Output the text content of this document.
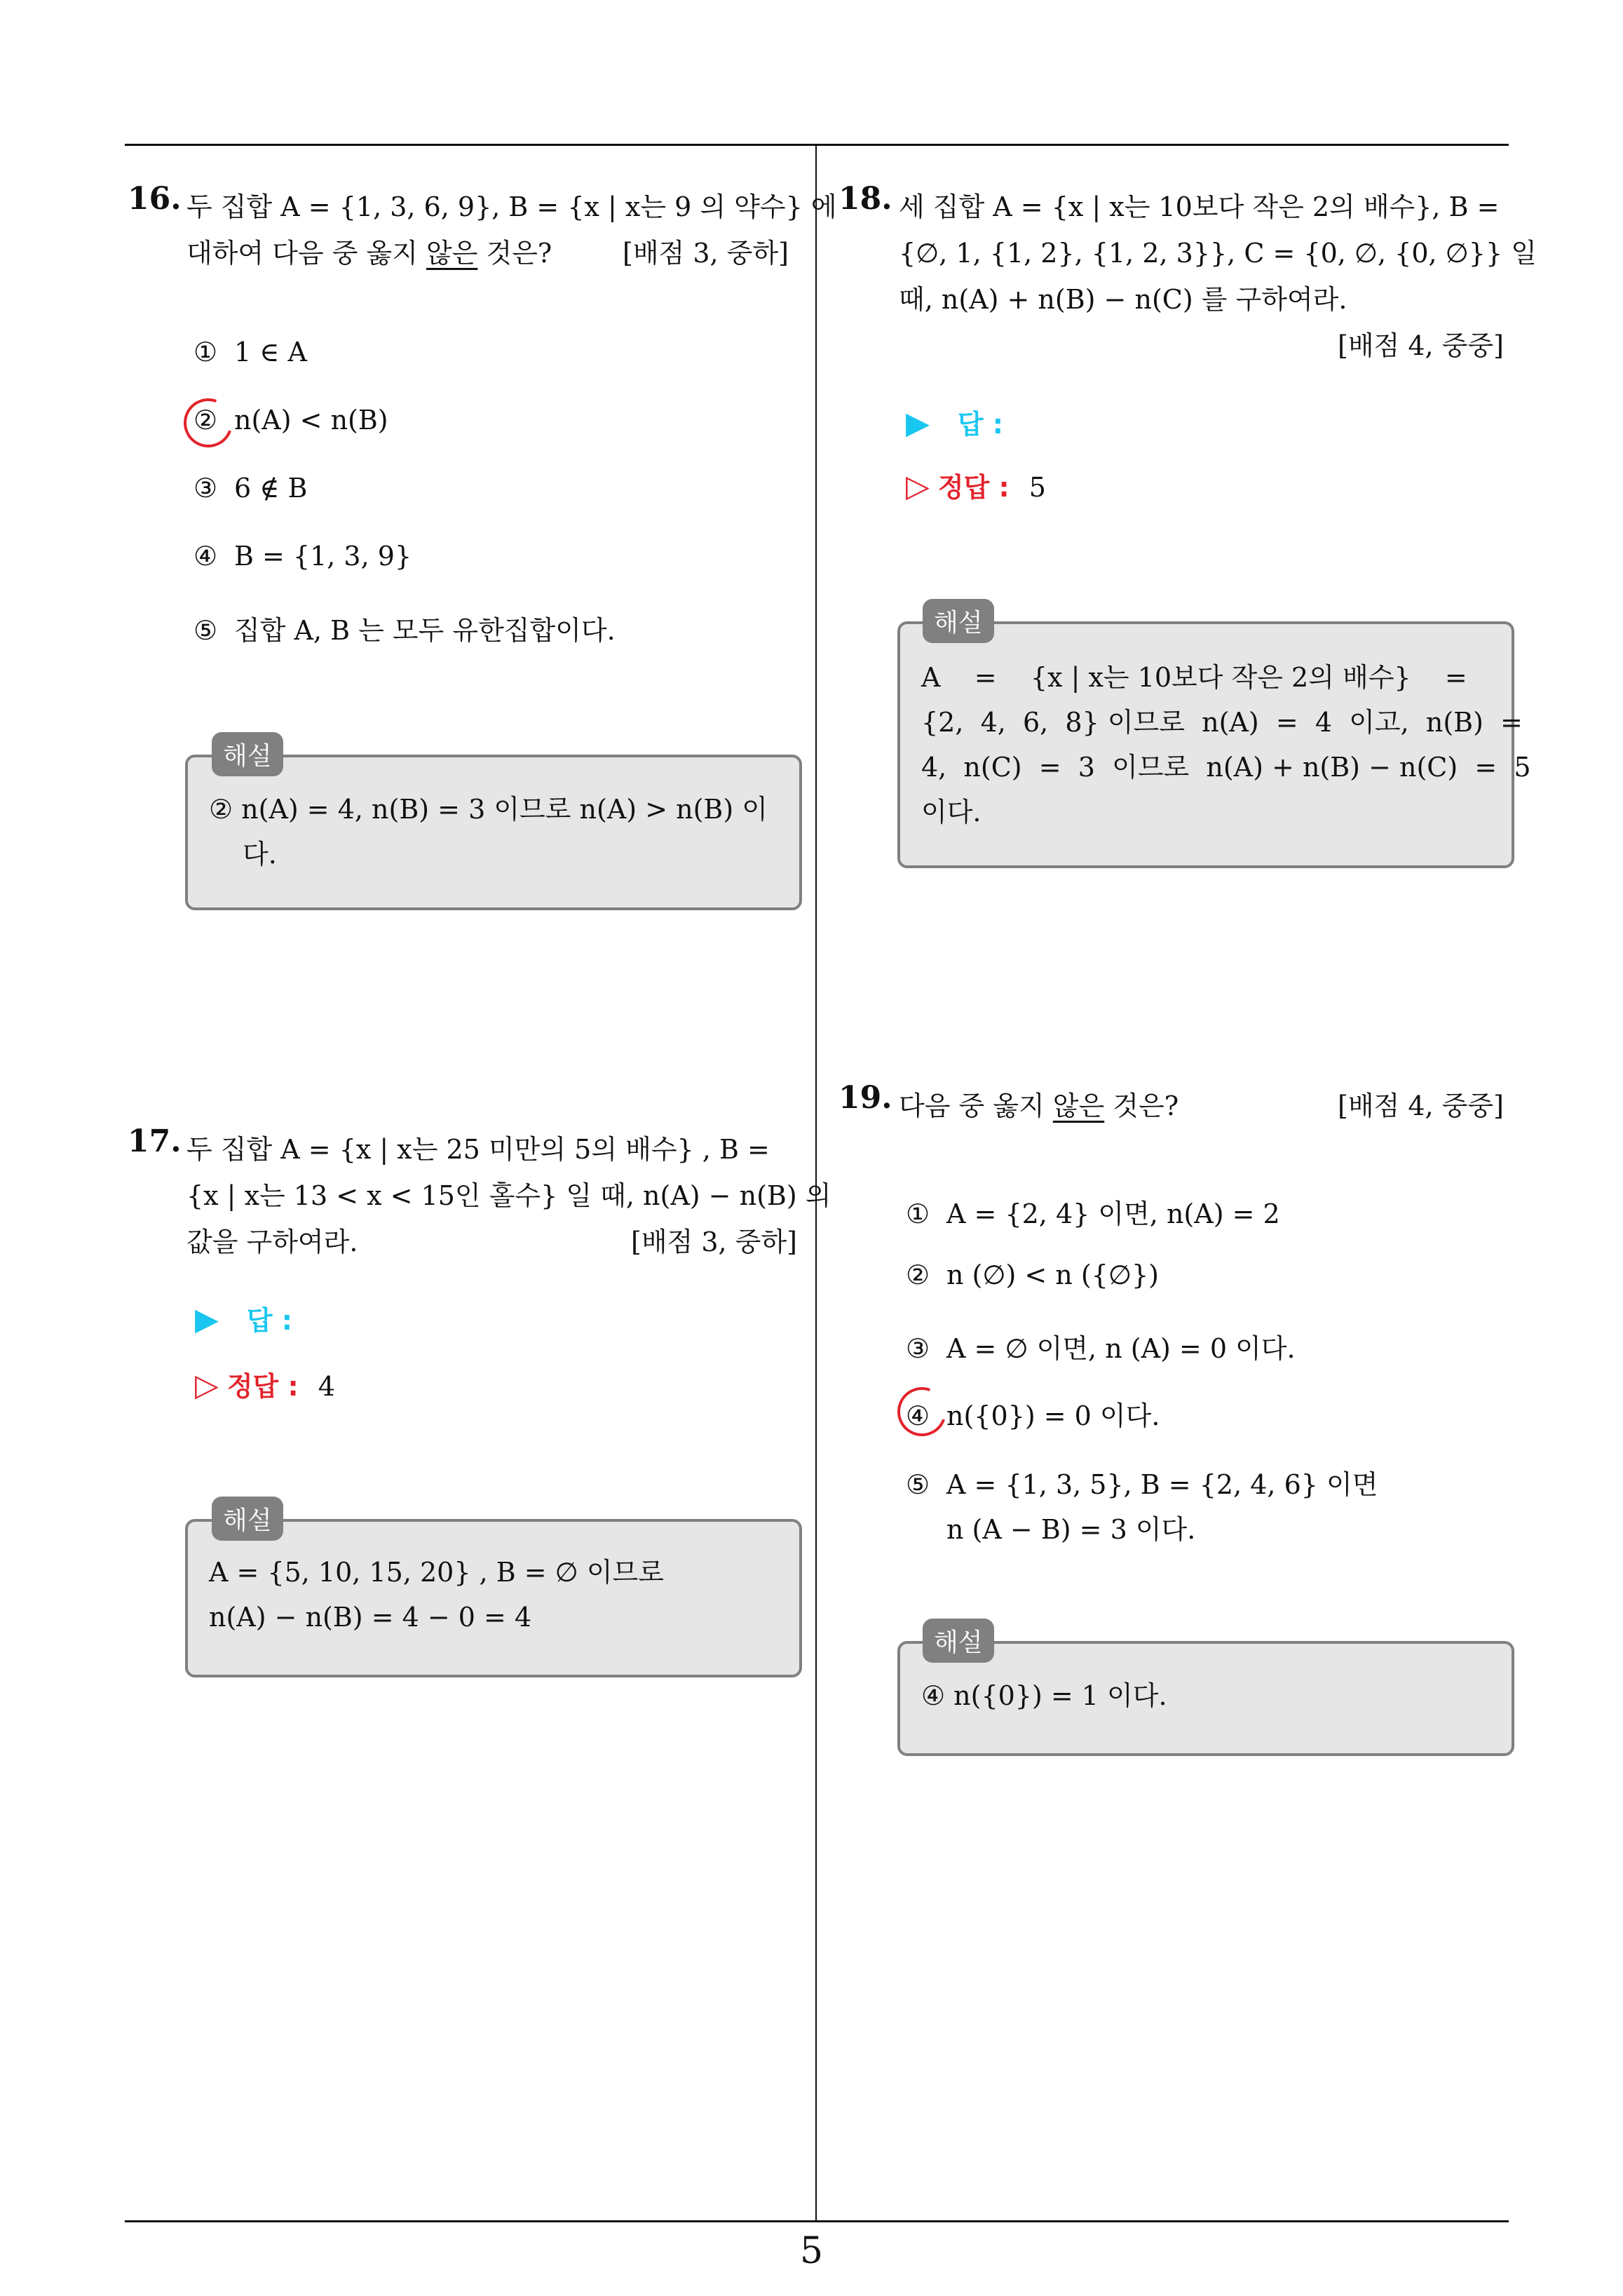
5
16. 두 집합 A = {1, 3, 6, 9}, B = {x | x는 9 의 약수} 에
대하여 다음 중 옳지 않은 것은?	[배점 3, 중하]
① 1 ∈ A
② n(A) < n(B)
③ 6 ∉ B
④ B = {1, 3, 9}
⑤ 집합 A, B 는 모두 유한집합이다.
해설
② n(A) = 4, n(B) = 3 이므로 n(A) > n(B) 이
다.
17. 두 집합 A = {x | x는 25 미만의 5의 배수} , B =
{x | x는 13 < x < 15인 홀수} 일 때, n(A) − n(B) 의
값을 구하여라.	[배점 3, 중하]
▶ 답 :
▷ 정답 : 4
해설
A = {5, 10, 15, 20} , B = ∅ 이므로
n(A) − n(B) = 4 − 0 = 4
18. 세 집합 A = {x | x는 10보다 작은 2의 배수}, B =
{∅, 1, {1, 2}, {1, 2, 3}}, C = {0, ∅, {0, ∅}} 일
때, n(A) + n(B) − n(C) 를 구하여라.
[배점 4, 중중]
▶ 답 :
▷ 정답 : 5
해설
A    =    {x | x는 10보다 작은 2의 배수}    =
{2,  4,  6,  8} 이므로  n(A)  =  4  이고,  n(B)  =
4,  n(C)  =  3  이므로  n(A) + n(B) − n(C)  =  5
이다.
19. 다음 중 옳지 않은 것은?	[배점 4, 중중]
① A = {2, 4} 이면, n(A) = 2
② n (∅) < n ({∅})
③ A = ∅ 이면, n (A) = 0 이다.
④ n({0}) = 0 이다.
⑤ A = {1, 3, 5}, B = {2, 4, 6} 이면
n (A − B) = 3 이다.
해설
④ n({0}) = 1 이다.
